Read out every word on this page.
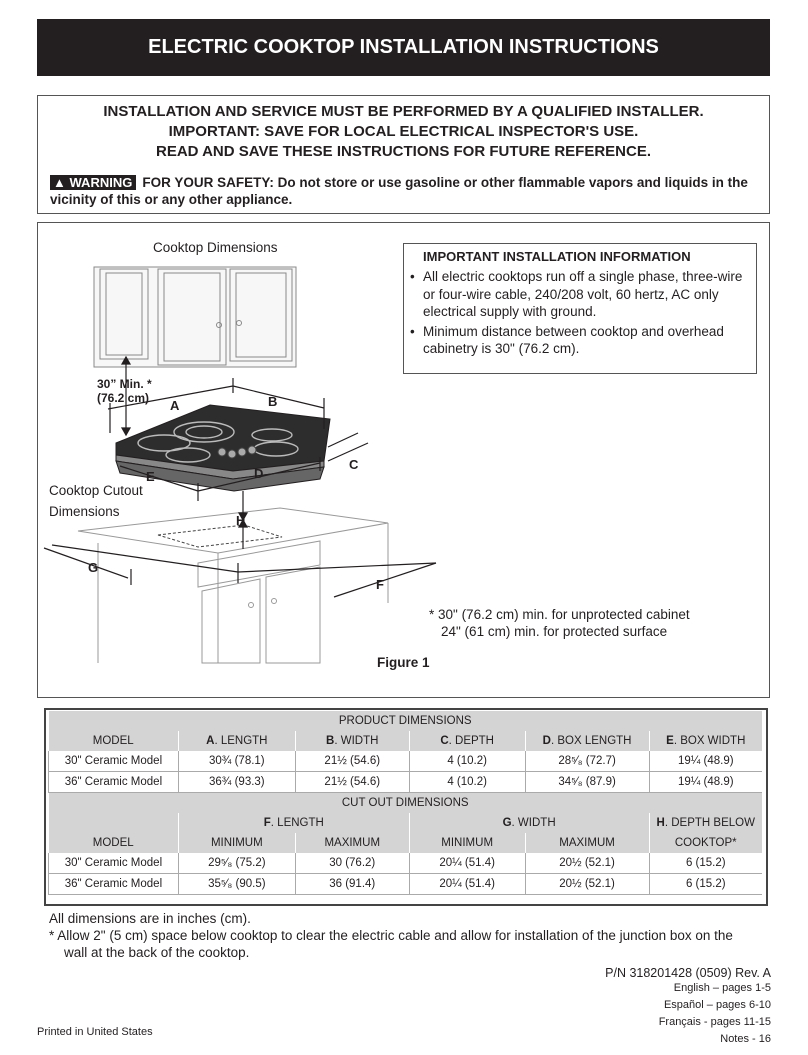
ELECTRIC COOKTOP INSTALLATION INSTRUCTIONS
INSTALLATION AND SERVICE MUST BE PERFORMED BY A QUALIFIED INSTALLER.
IMPORTANT: SAVE FOR LOCAL ELECTRICAL INSPECTOR'S USE.
READ AND SAVE THESE INSTRUCTIONS FOR FUTURE REFERENCE.
▲ WARNING FOR YOUR SAFETY: Do not store or use gasoline or other flammable vapors and liquids in the vicinity of this or any other appliance.
Cooktop Dimensions
30” Min. *
(76.2 cm) A	B
C
D
E
F
G
H
Cooktop Cutout
Dimensions
IMPORTANT INSTALLATION INFORMATION
• All electric cooktops run off a single phase, three-wire or four-wire cable, 240/208 volt, 60 hertz, AC only electrical supply with ground.
• Minimum distance between cooktop and overhead cabinetry is 30" (76.2 cm).
* 30" (76.2 cm) min. for unprotected cabinet
24" (61 cm) min. for protected surface
Figure 1
PRODUCT DIMENSIONS					
MODEL	A. LENGTH	B. WIDTH	C. DEPTH	D. BOX LENGTH	E. BOX WIDTH
30" Ceramic Model	30¾ (78.1)	21½ (54.6)	4 (10.2)	28⁵⁄₈ (72.7)	19¼ (48.9)
36" Ceramic Model	36¾ (93.3)	21½ (54.6)	4 (10.2)	34⁵⁄₈ (87.9)	19¼ (48.9)
CUT OUT DIMENSIONS					
	F. LENGTH		G. WIDTH		H. DEPTH BELOW
MODEL	MINIMUM	MAXIMUM	MINIMUM	MAXIMUM	COOKTOP*
30" Ceramic Model	29⁵⁄₈ (75.2)	30 (76.2)	20¼ (51.4)	20½ (52.1)	6 (15.2)
36" Ceramic Model	35⁵⁄₈ (90.5)	36 (91.4)	20¼ (51.4)	20½ (52.1)	6 (15.2)
All dimensions are in inches (cm).
* Allow 2" (5 cm) space below cooktop to clear the electric cable and allow for installation of the junction box on the
wall at the back of the cooktop.
P/N 318201428 (0509) Rev. A
English – pages 1-5
Español – pages 6-10
Français - pages 11-15
Notes - 16
Printed in United States
